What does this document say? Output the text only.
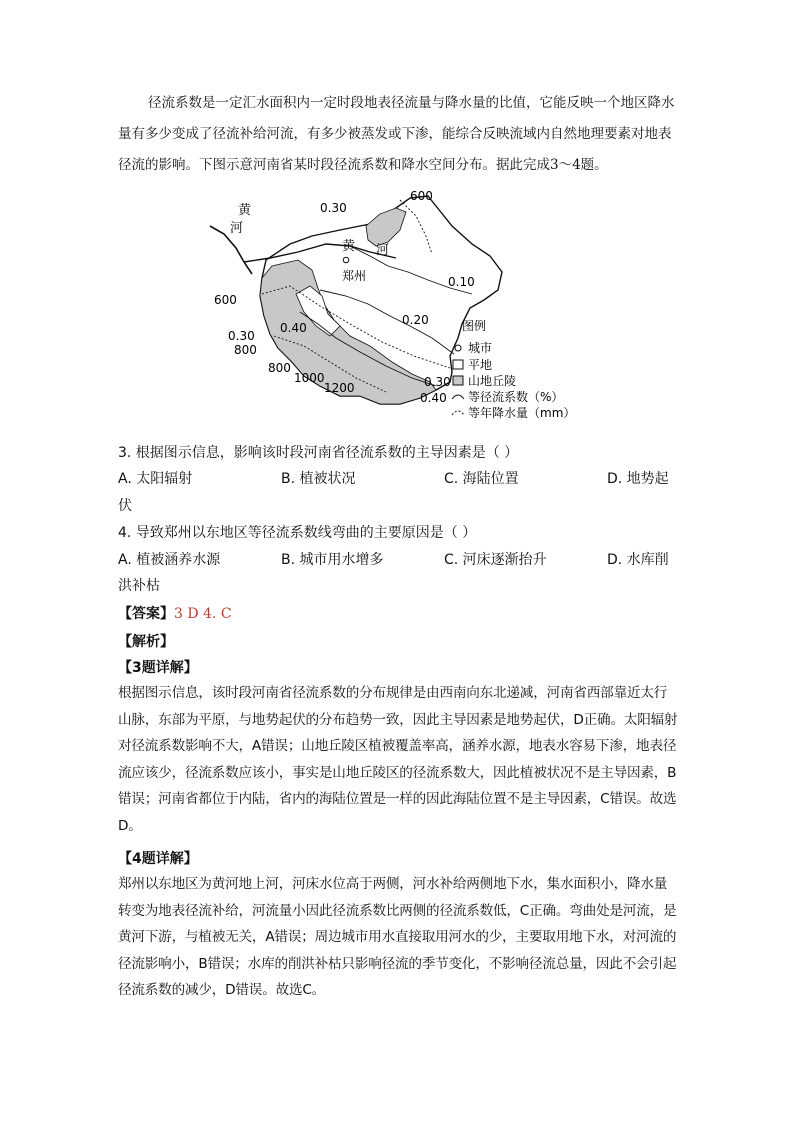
径流系数是一定汇水面积内一定时段地表径流量与降水量的比值，它能反映一个地区降水量有多少变成了径流补给河流，有多少被蒸发或下渗，能综合反映流域内自然地理要素对地表径流的影响。下图示意河南省某时段径流系数和降水空间分布。据此完成3～4题。
黄
河
黄 河
郑州
0.30
600
0.10
600
0.20
0.30
0.40
800
800
1000
1200	0.30
0.40
图例
城市
平地
山地丘陵
等径流系数（%）
等年降水量（mm）
3. 根据图示信息，影响该时段河南省径流系数的主导因素是（ ）
A. 太阳辐射	B. 植被状况	C. 海陆位置	D. 地势起
伏
4. 导致郑州以东地区等径流系数线弯曲的主要原因是（ ）
A. 植被涵养水源	B. 城市用水增多	C. 河床逐渐抬升	D. 水库削
洪补枯
【答案】3 D 4. C
【解析】
【3题详解】
根据图示信息，该时段河南省径流系数的分布规律是由西南向东北递减，河南省西部靠近太行山脉，东部为平原，与地势起伏的分布趋势一致，因此主导因素是地势起伏，D正确。太阳辐射对径流系数影响不大，A错误；山地丘陵区植被覆盖率高，涵养水源，地表水容易下渗，地表径流应该少，径流系数应该小，事实是山地丘陵区的径流系数大，因此植被状况不是主导因素，B错误；河南省都位于内陆，省内的海陆位置是一样的因此海陆位置不是主导因素，C错误。故选D。
【4题详解】
郑州以东地区为黄河地上河，河床水位高于两侧，河水补给两侧地下水，集水面积小，降水量转变为地表径流补给，河流量小因此径流系数比两侧的径流系数低，C正确。弯曲处是河流，是黄河下游，与植被无关，A错误；周边城市用水直接取用河水的少，主要取用地下水，对河流的径流影响小，B错误；水库的削洪补枯只影响径流的季节变化，不影响径流总量，因此不会引起径流系数的减少，D错误。故选C。
